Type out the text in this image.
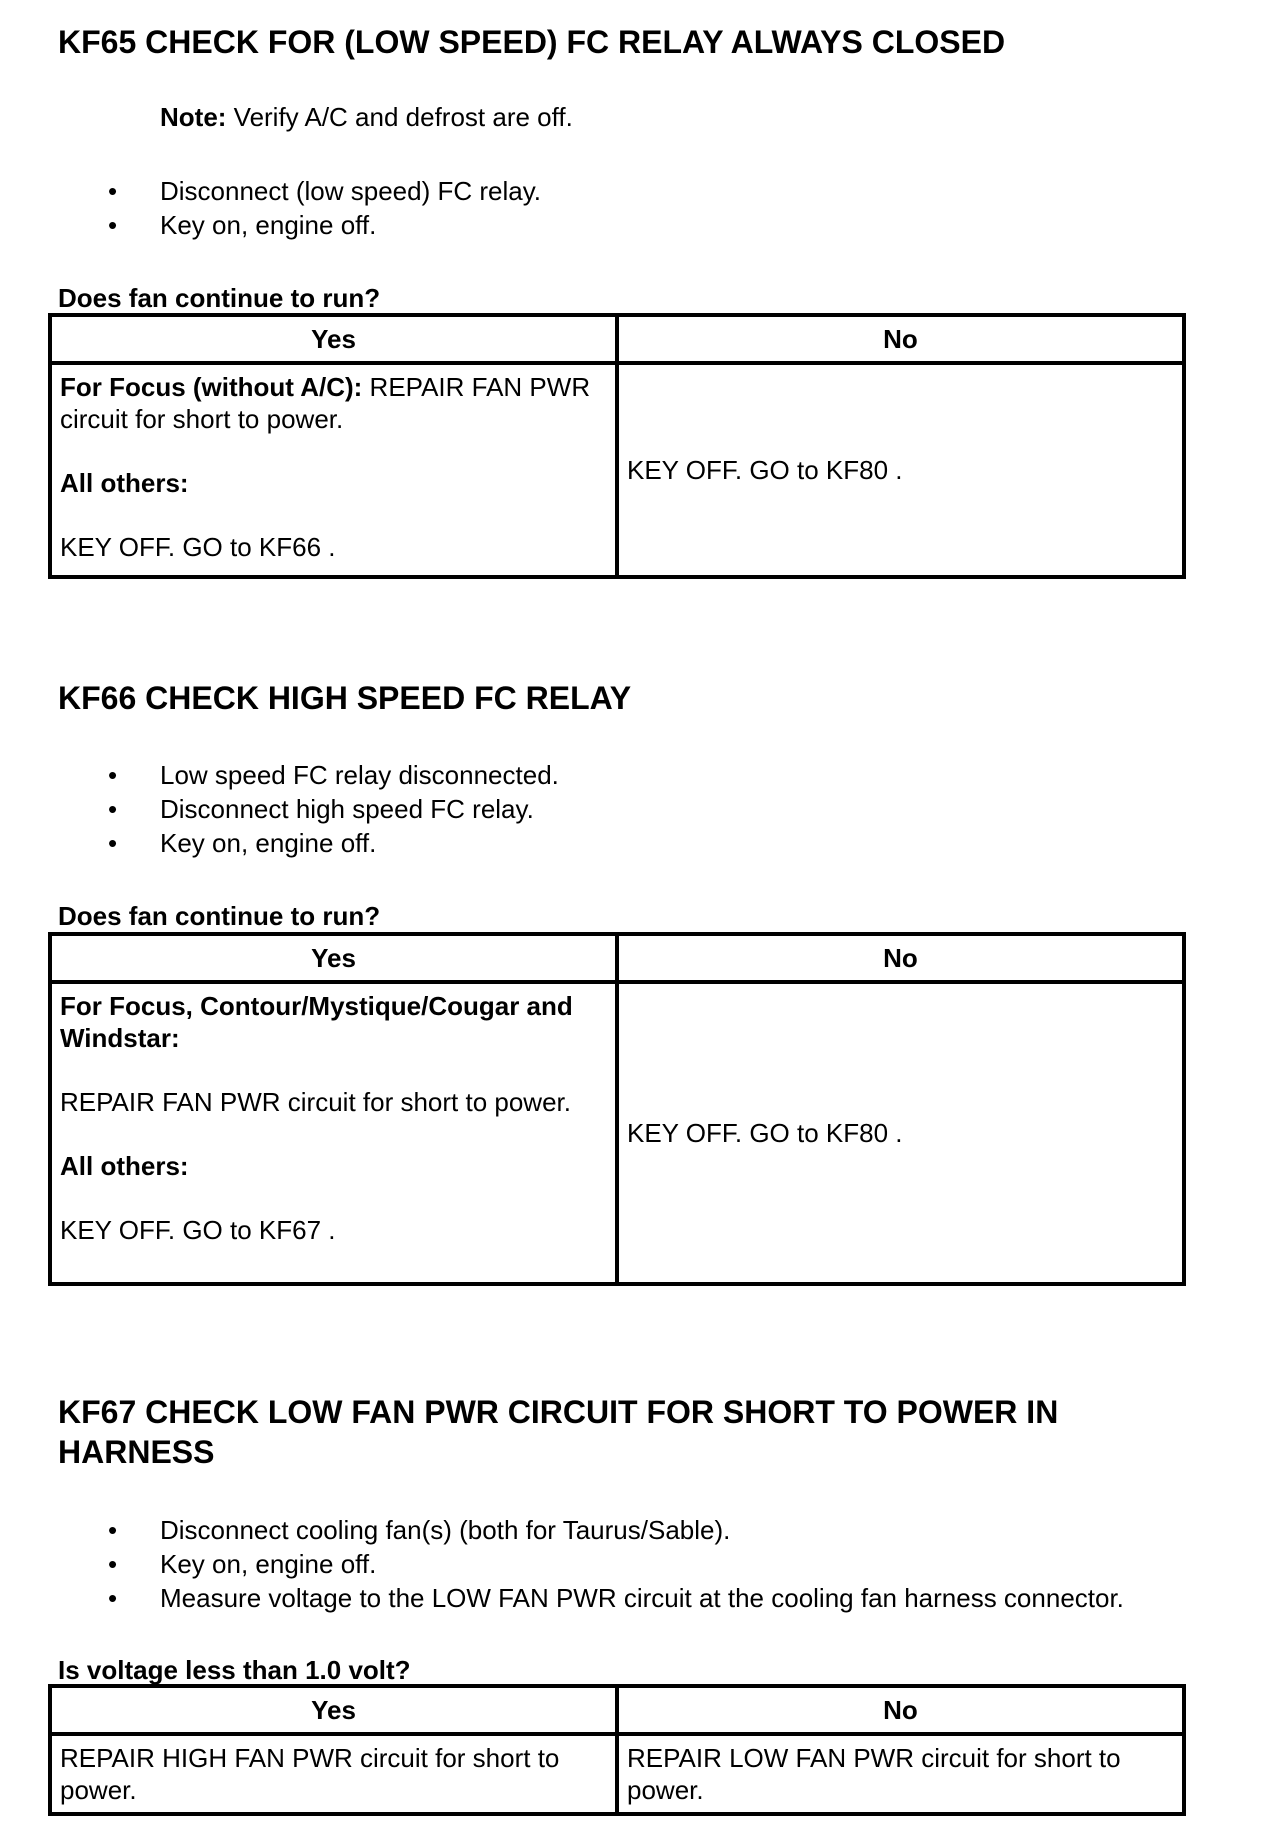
KF65 CHECK FOR (LOW SPEED) FC RELAY ALWAYS CLOSED
Note: Verify A/C and defrost are off.
• Disconnect (low speed) FC relay.
• Key on, engine off.
Does fan continue to run?
Yes	No

For Focus (without A/C): REPAIR FAN PWR circuit for short to power.
All others:
KEY OFF. GO to KF66 .	KEY OFF. GO to KF80 .
KF66 CHECK HIGH SPEED FC RELAY
• Low speed FC relay disconnected.
• Disconnect high speed FC relay.
• Key on, engine off.
Does fan continue to run?
Yes	No

For Focus, Contour/Mystique/Cougar and Windstar:
REPAIR FAN PWR circuit for short to power.
All others:
KEY OFF. GO to KF67 .	KEY OFF. GO to KF80 .
KF67 CHECK LOW FAN PWR CIRCUIT FOR SHORT TO POWER IN
HARNESS
• Disconnect cooling fan(s) (both for Taurus/Sable).
• Key on, engine off.
• Measure voltage to the LOW FAN PWR circuit at the cooling fan harness connector.
Is voltage less than 1.0 volt?
Yes	No
REPAIR HIGH FAN PWR circuit for short to power.	REPAIR LOW FAN PWR circuit for short to power.
